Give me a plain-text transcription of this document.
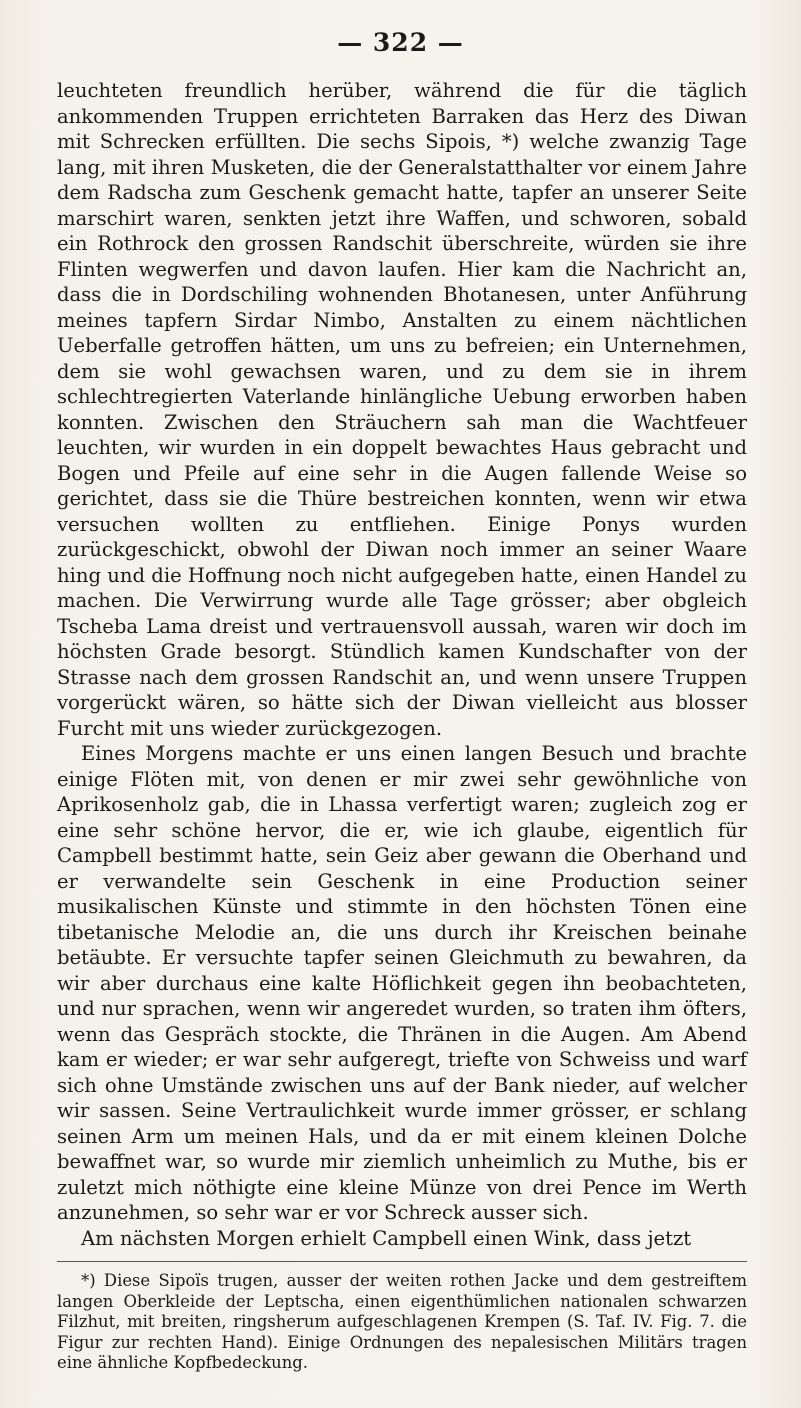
— 322 —

leuchteten freundlich herüber, während die für die täglich ankommenden Truppen errichteten Barraken das Herz des Diwan mit Schrecken erfüllten. Die sechs Sipois, *) welche zwanzig Tage lang, mit ihren Musketen, die der Generalstatthalter vor einem Jahre dem Radscha zum Geschenk gemacht hatte, tapfer an unserer Seite marschirt waren, senkten jetzt ihre Waffen, und schworen, sobald ein Rothrock den grossen Randschit überschreite, würden sie ihre Flinten wegwerfen und davon laufen. Hier kam die Nachricht an, dass die in Dordschiling wohnenden Bhotanesen, unter Anführung meines tapfern Sirdar Nimbo, Anstalten zu einem nächtlichen Ueberfalle getroffen hätten, um uns zu befreien; ein Unternehmen, dem sie wohl gewachsen waren, und zu dem sie in ihrem schlechtregierten Vaterlande hinlängliche Uebung erworben haben konnten. Zwischen den Sträuchern sah man die Wachtfeuer leuchten, wir wurden in ein doppelt bewachtes Haus gebracht und Bogen und Pfeile auf eine sehr in die Augen fallende Weise so gerichtet, dass sie die Thüre bestreichen konnten, wenn wir etwa versuchen wollten zu entfliehen. Einige Ponys wurden zurückgeschickt, obwohl der Diwan noch immer an seiner Waare hing und die Hoffnung noch nicht aufgegeben hatte, einen Handel zu machen. Die Verwirrung wurde alle Tage grösser; aber obgleich Tscheba Lama dreist und vertrauensvoll aussah, waren wir doch im höchsten Grade besorgt. Stündlich kamen Kundschafter von der Strasse nach dem grossen Randschit an, und wenn unsere Truppen vorgerückt wären, so hätte sich der Diwan vielleicht aus blosser Furcht mit uns wieder zurückgezogen.

Eines Morgens machte er uns einen langen Besuch und brachte einige Flöten mit, von denen er mir zwei sehr gewöhnliche von Aprikosenholz gab, die in Lhassa verfertigt waren; zugleich zog er eine sehr schöne hervor, die er, wie ich glaube, eigentlich für Campbell bestimmt hatte, sein Geiz aber gewann die Oberhand und er verwandelte sein Geschenk in eine Production seiner musikalischen Künste und stimmte in den höchsten Tönen eine tibetanische Melodie an, die uns durch ihr Kreischen beinahe betäubte. Er versuchte tapfer seinen Gleichmuth zu bewahren, da wir aber durchaus eine kalte Höflichkeit gegen ihn beobachteten, und nur sprachen, wenn wir angeredet wurden, so traten ihm öfters, wenn das Gespräch stockte, die Thränen in die Augen. Am Abend kam er wieder; er war sehr aufgeregt, triefte von Schweiss und warf sich ohne Umstände zwischen uns auf der Bank nieder, auf welcher wir sassen. Seine Vertraulichkeit wurde immer grösser, er schlang seinen Arm um meinen Hals, und da er mit einem kleinen Dolche bewaffnet war, so wurde mir ziemlich unheimlich zu Muthe, bis er zuletzt mich nöthigte eine kleine Münze von drei Pence im Werth anzunehmen, so sehr war er vor Schreck ausser sich.

Am nächsten Morgen erhielt Campbell einen Wink, dass jetzt

*) Diese Sipoïs trugen, ausser der weiten rothen Jacke und dem gestreiftem langen Oberkleide der Leptscha, einen eigenthümlichen nationalen schwarzen Filzhut, mit breiten, ringsherum aufgeschlagenen Krempen (S. Taf. IV. Fig. 7. die Figur zur rechten Hand). Einige Ordnungen des nepalesischen Militärs tragen eine ähnliche Kopfbedeckung.
